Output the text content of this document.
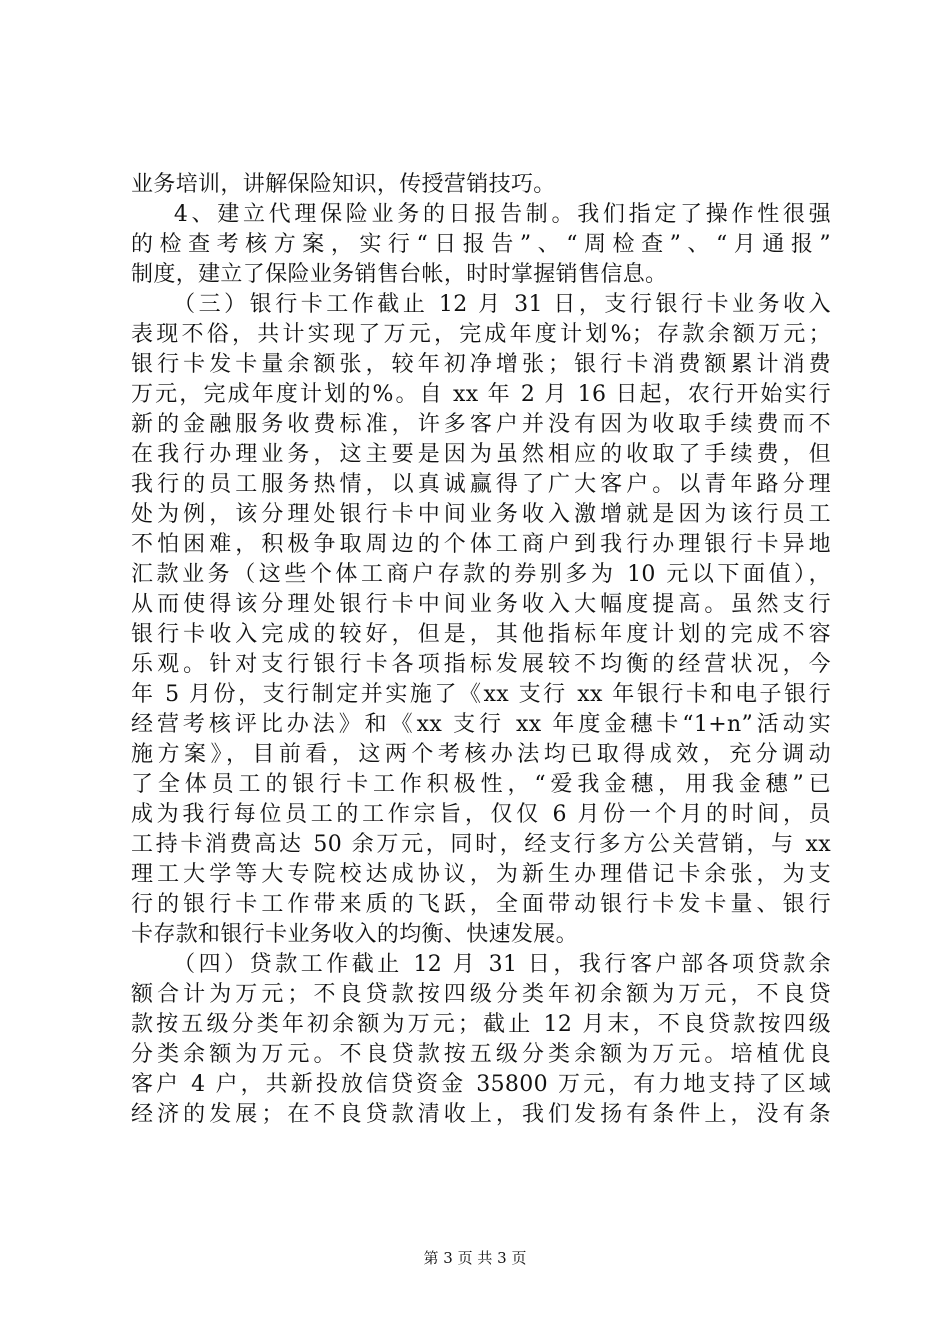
业务培训，讲解保险知识，传授营销技巧。
4、建立代理保险业务的日报告制。我们指定了操作性很强
的检查考核方案，实行“日报告”、“周检查”、“月通报”
制度，建立了保险业务销售台帐，时时掌握销售信息。
（三）银行卡工作截止 12 月 31 日，支行银行卡业务收入
表现不俗，共计实现了万元，完成年度计划%；存款余额万元；
银行卡发卡量余额张，较年初净增张；银行卡消费额累计消费
万元，完成年度计划的%。自 xx 年 2 月 16 日起，农行开始实行
新的金融服务收费标准，许多客户并没有因为收取手续费而不
在我行办理业务，这主要是因为虽然相应的收取了手续费，但
我行的员工服务热情，以真诚赢得了广大客户。以青年路分理
处为例，该分理处银行卡中间业务收入激增就是因为该行员工
不怕困难，积极争取周边的个体工商户到我行办理银行卡异地
汇款业务（这些个体工商户存款的券别多为 10 元以下面值），
从而使得该分理处银行卡中间业务收入大幅度提高。虽然支行
银行卡收入完成的较好，但是，其他指标年度计划的完成不容
乐观。针对支行银行卡各项指标发展较不均衡的经营状况，今
年 5 月份，支行制定并实施了《xx 支行 xx 年银行卡和电子银行
经营考核评比办法》和《xx 支行 xx 年度金穗卡“1+n”活动实
施方案》，目前看，这两个考核办法均已取得成效，充分调动
了全体员工的银行卡工作积极性，“爱我金穗，用我金穗”已
成为我行每位员工的工作宗旨，仅仅 6 月份一个月的时间，员
工持卡消费高达 50 余万元，同时，经支行多方公关营销，与 xx
理工大学等大专院校达成协议，为新生办理借记卡余张，为支
行的银行卡工作带来质的飞跃，全面带动银行卡发卡量、银行
卡存款和银行卡业务收入的均衡、快速发展。
（四）贷款工作截止 12 月 31 日，我行客户部各项贷款余
额合计为万元；不良贷款按四级分类年初余额为万元，不良贷
款按五级分类年初余额为万元；截止 12 月末，不良贷款按四级
分类余额为万元。不良贷款按五级分类余额为万元。培植优良
客户 4 户，共新投放信贷资金 35800 万元，有力地支持了区域
经济的发展；在不良贷款清收上，我们发扬有条件上，没有条
第 3 页 共 3 页
